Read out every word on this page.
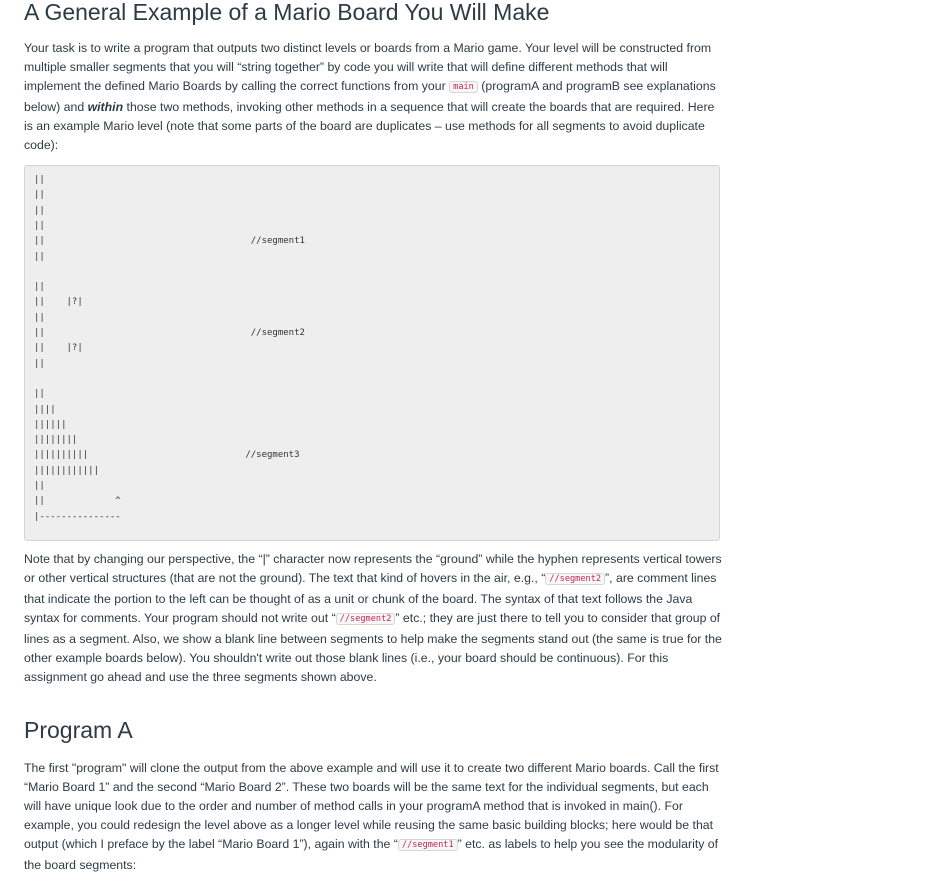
A General Example of a Mario Board You Will Make
Your task is to write a program that outputs two distinct levels or boards from a Mario game. Your level will be constructed from multiple smaller segments that you will “string together” by code you will write that will define different methods that will implement the defined Mario Boards by calling the correct functions from your main (programA and programB see explanations below) and within those two methods, invoking other methods in a sequence that will create the boards that are required. Here is an example Mario level (note that some parts of the board are duplicates – use methods for all segments to avoid duplicate code):
||
||
||
||
||                                      //segment1
||
||
||    |?|
||
||                                      //segment2
||    |?|
||
||
||||
||||||
||||||||
||||||||||                             //segment3
||||||||||||
||
||             ^
|---------------
Note that by changing our perspective, the “|” character now represents the “ground” while the hyphen represents vertical towers or other vertical structures (that are not the ground). The text that kind of hovers in the air, e.g., “ //segment2 ”, are comment lines that indicate the portion to the left can be thought of as a unit or chunk of the board. The syntax of that text follows the Java syntax for comments. Your program should not write out “ //segment2 ” etc.; they are just there to tell you to consider that group of lines as a segment. Also, we show a blank line between segments to help make the segments stand out (the same is true for the other example boards below). You shouldn't write out those blank lines (i.e., your board should be continuous). For this assignment go ahead and use the three segments shown above.
Program A
The first "program" will clone the output from the above example and will use it to create two different Mario boards. Call the first “Mario Board 1” and the second “Mario Board 2”. These two boards will be the same text for the individual segments, but each will have unique look due to the order and number of method calls in your programA method that is invoked in main(). For example, you could redesign the level above as a longer level while reusing the same basic building blocks; here would be that output (which I preface by the label “Mario Board 1”), again with the “ //segment1 ” etc. as labels to help you see the modularity of the board segments:
